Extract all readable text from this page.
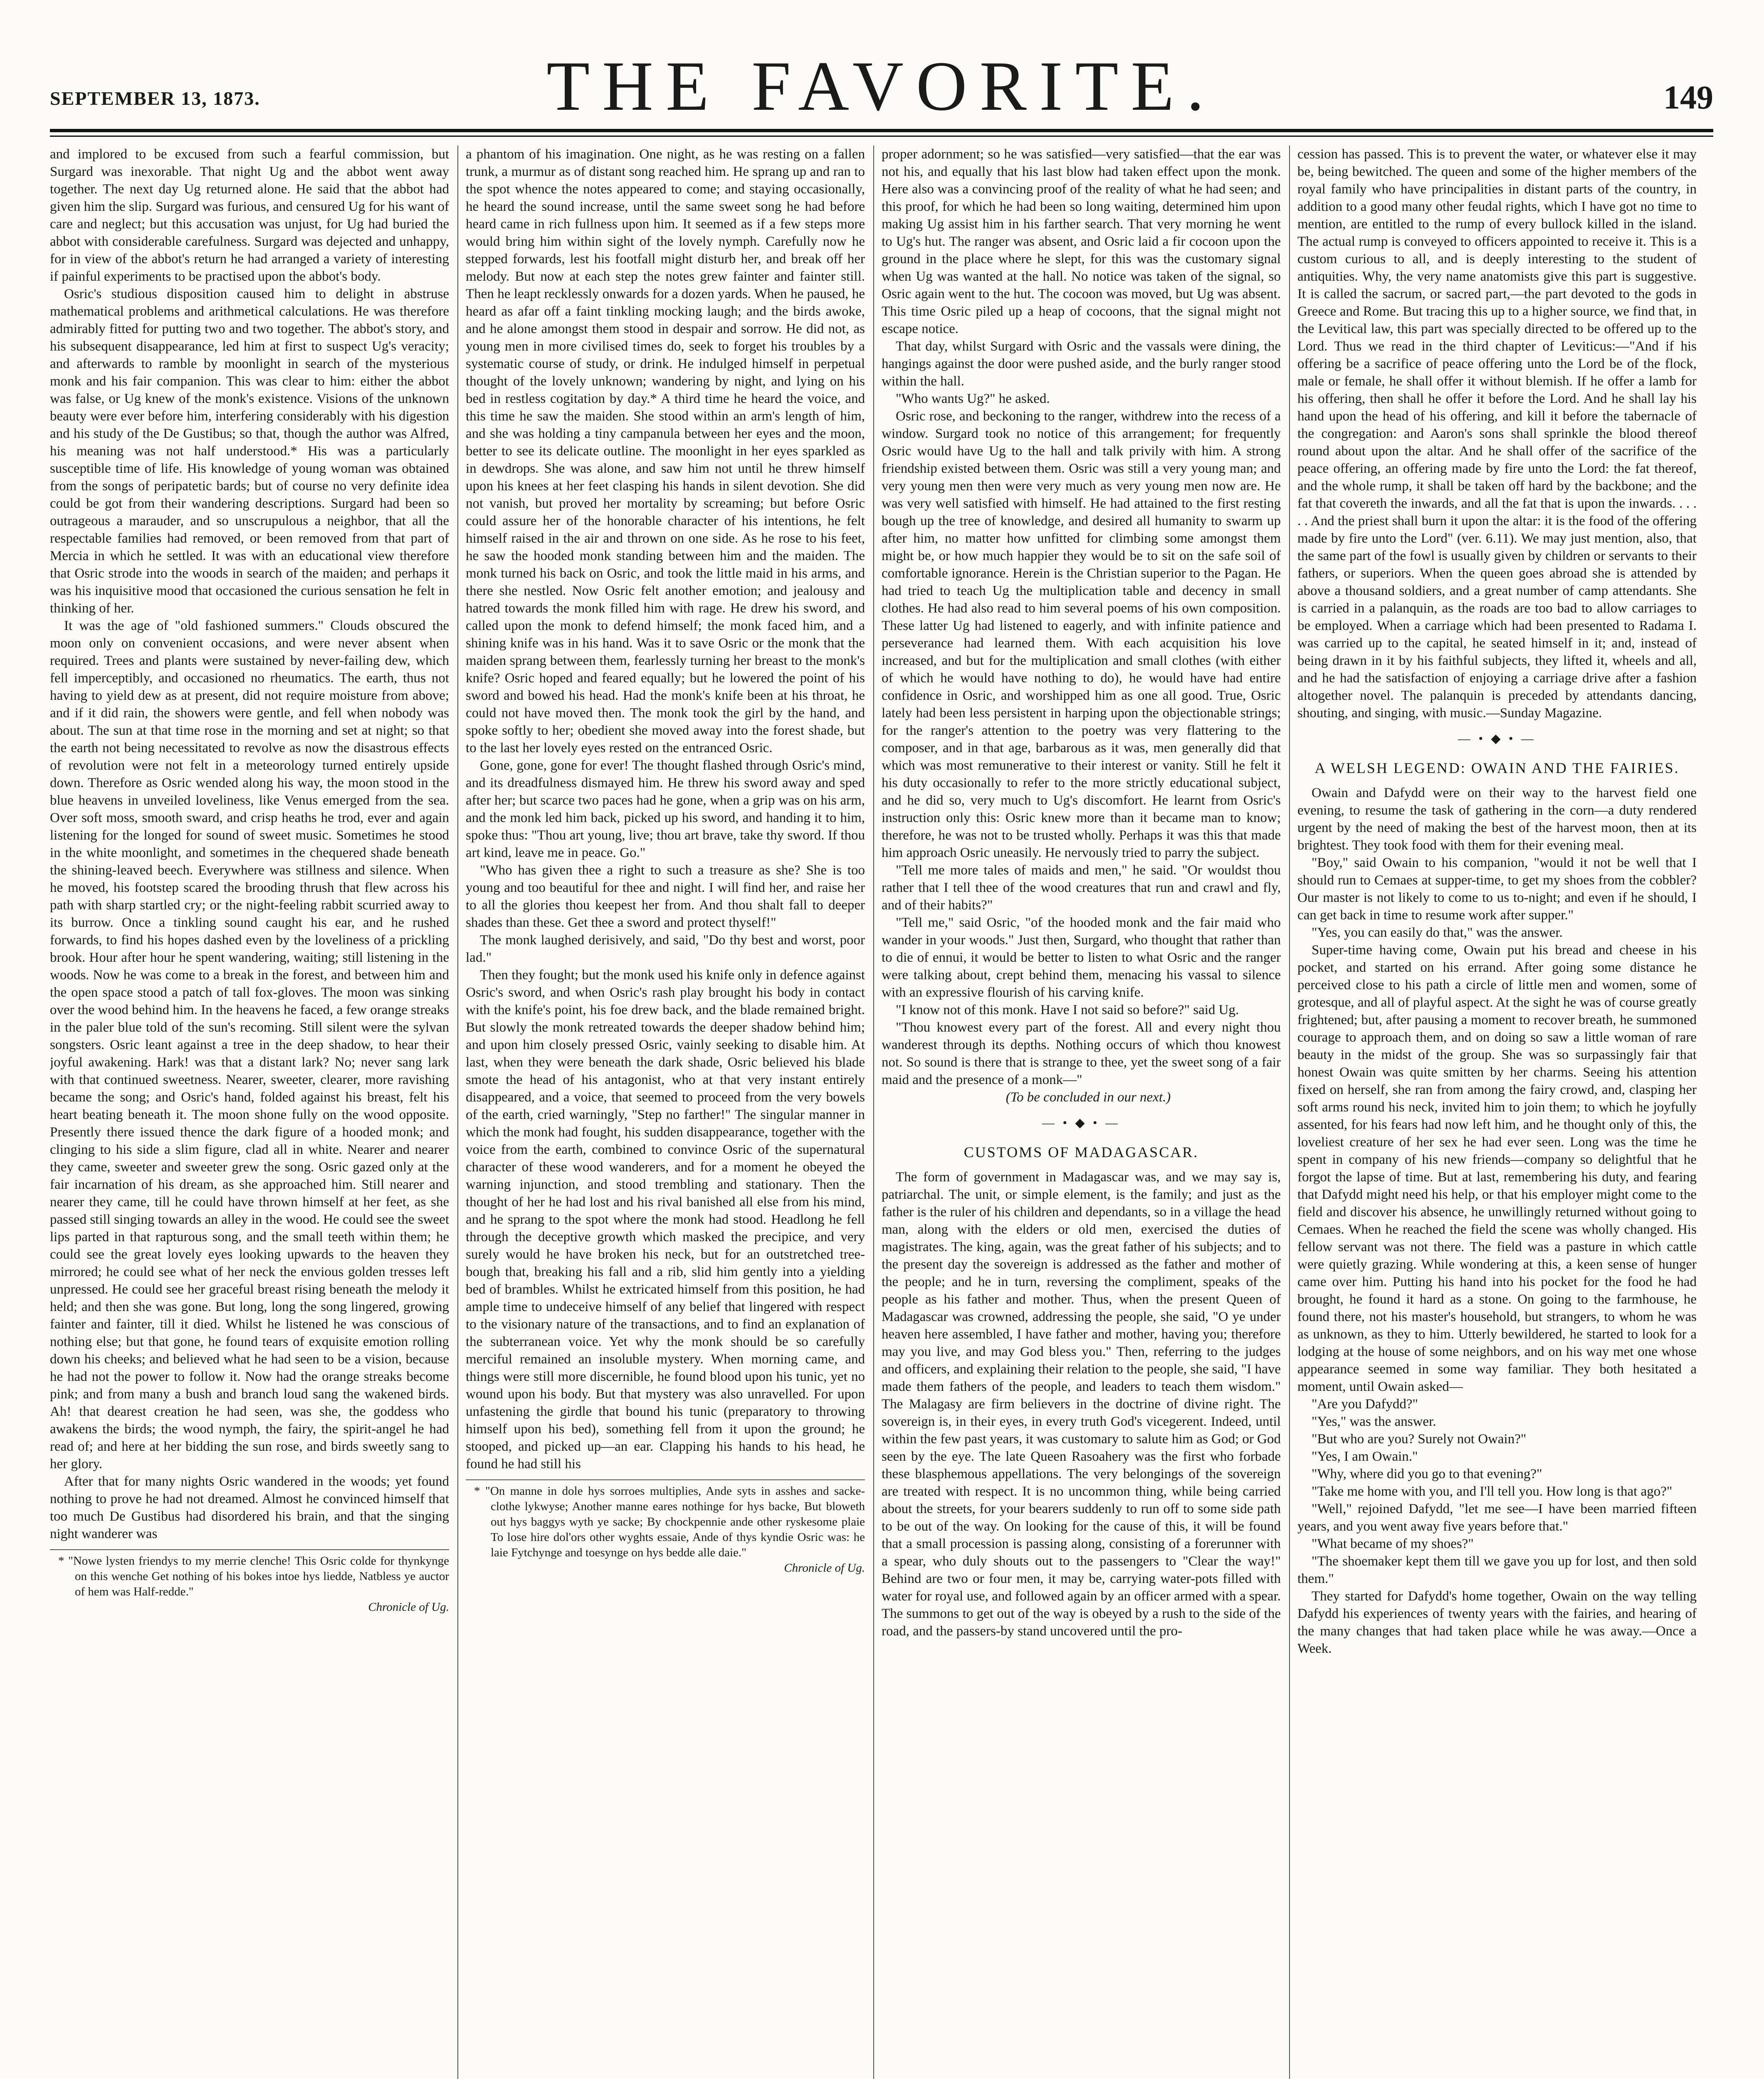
SEPTEMBER 13, 1873.	THE FAVORITE.	149

and implored to be excused from such a fearful commission, but Surgard was inexorable. That night Ug and the abbot went away together. The next day Ug returned alone. He said that the abbot had given him the slip. Surgard was furious, and censured Ug for his want of care and neglect; but this accusation was unjust, for Ug had buried the abbot with considerable carefulness. Surgard was dejected and unhappy, for in view of the abbot's return he had arranged a variety of interesting if painful experiments to be practised upon the abbot's body.

Osric's studious disposition caused him to delight in abstruse mathematical problems and arithmetical calculations. He was therefore admirably fitted for putting two and two together. The abbot's story, and his subsequent disappearance, led him at first to suspect Ug's veracity; and afterwards to ramble by moonlight in search of the mysterious monk and his fair companion. This was clear to him: either the abbot was false, or Ug knew of the monk's existence. Visions of the unknown beauty were ever before him, interfering considerably with his digestion and his study of the De Gustibus; so that, though the author was Alfred, his meaning was not half understood.* His was a particularly susceptible time of life. His knowledge of young woman was obtained from the songs of peripatetic bards; but of course no very definite idea could be got from their wandering descriptions. Surgard had been so outrageous a marauder, and so unscrupulous a neighbor, that all the respectable families had removed, or been removed from that part of Mercia in which he settled. It was with an educational view therefore that Osric strode into the woods in search of the maiden; and perhaps it was his inquisitive mood that occasioned the curious sensation he felt in thinking of her.

It was the age of "old fashioned summers." Clouds obscured the moon only on convenient occasions, and were never absent when required. Trees and plants were sustained by never-failing dew, which fell imperceptibly, and occasioned no rheumatics. The earth, thus not having to yield dew as at present, did not require moisture from above; and if it did rain, the showers were gentle, and fell when nobody was about. The sun at that time rose in the morning and set at night; so that the earth not being necessitated to revolve as now the disastrous effects of revolution were not felt in a meteorology turned entirely upside down. Therefore as Osric wended along his way, the moon stood in the blue heavens in unveiled loveliness, like Venus emerged from the sea. Over soft moss, smooth sward, and crisp heaths he trod, ever and again listening for the longed for sound of sweet music. Sometimes he stood in the white moonlight, and sometimes in the chequered shade beneath the shining-leaved beech. Everywhere was stillness and silence. When he moved, his footstep scared the brooding thrush that flew across his path with sharp startled cry; or the night-feeling rabbit scurried away to its burrow. Once a tinkling sound caught his ear, and he rushed forwards, to find his hopes dashed even by the loveliness of a prickling brook. Hour after hour he spent wandering, waiting; still listening in the woods. Now he was come to a break in the forest, and between him and the open space stood a patch of tall fox-gloves. The moon was sinking over the wood behind him. In the heavens he faced, a few orange streaks in the paler blue told of the sun's recoming. Still silent were the sylvan songsters. Osric leant against a tree in the deep shadow, to hear their joyful awakening. Hark! was that a distant lark? No; never sang lark with that continued sweetness. Nearer, sweeter, clearer, more ravishing became the song; and Osric's hand, folded against his breast, felt his heart beating beneath it. The moon shone fully on the wood opposite. Presently there issued thence the dark figure of a hooded monk; and clinging to his side a slim figure, clad all in white. Nearer and nearer they came, sweeter and sweeter grew the song. Osric gazed only at the fair incarnation of his dream, as she approached him. Still nearer and nearer they came, till he could have thrown himself at her feet, as she passed still singing towards an alley in the wood. He could see the sweet lips parted in that rapturous song, and the small teeth within them; he could see the great lovely eyes looking upwards to the heaven they mirrored; he could see what of her neck the envious golden tresses left unpressed. He could see her graceful breast rising beneath the melody it held; and then she was gone. But long, long the song lingered, growing fainter and fainter, till it died. Whilst he listened he was conscious of nothing else; but that gone, he found tears of exquisite emotion rolling down his cheeks; and believed what he had seen to be a vision, because he had not the power to follow it. Now had the orange streaks become pink; and from many a bush and branch loud sang the wakened birds. Ah! that dearest creation he had seen, was she, the goddess who awakens the birds; the wood nymph, the fairy, the spirit-angel he had read of; and here at her bidding the sun rose, and birds sweetly sang to her glory.

After that for many nights Osric wandered in the woods; yet found nothing to prove he had not dreamed. Almost he convinced himself that too much De Gustibus had disordered his brain, and that the singing night wanderer was

* "Nowe lysten friendys to my merrie clenche! This Osric colde for thynkynge on this wenche Get nothing of his bokes intoe hys liedde, Natbless ye auctor of hem was Half-redde."

Chronicle of Ug.

a phantom of his imagination. One night, as he was resting on a fallen trunk, a murmur as of distant song reached him. He sprang up and ran to the spot whence the notes appeared to come; and staying occasionally, he heard the sound increase, until the same sweet song he had before heard came in rich fullness upon him. It seemed as if a few steps more would bring him within sight of the lovely nymph. Carefully now he stepped forwards, lest his footfall might disturb her, and break off her melody. But now at each step the notes grew fainter and fainter still. Then he leapt recklessly onwards for a dozen yards. When he paused, he heard as afar off a faint tinkling mocking laugh; and the birds awoke, and he alone amongst them stood in despair and sorrow. He did not, as young men in more civilised times do, seek to forget his troubles by a systematic course of study, or drink. He indulged himself in perpetual thought of the lovely unknown; wandering by night, and lying on his bed in restless cogitation by day.* A third time he heard the voice, and this time he saw the maiden. She stood within an arm's length of him, and she was holding a tiny campanula between her eyes and the moon, better to see its delicate outline. The moonlight in her eyes sparkled as in dewdrops. She was alone, and saw him not until he threw himself upon his knees at her feet clasping his hands in silent devotion. She did not vanish, but proved her mortality by screaming; but before Osric could assure her of the honorable character of his intentions, he felt himself raised in the air and thrown on one side. As he rose to his feet, he saw the hooded monk standing between him and the maiden. The monk turned his back on Osric, and took the little maid in his arms, and there she nestled. Now Osric felt another emotion; and jealousy and hatred towards the monk filled him with rage. He drew his sword, and called upon the monk to defend himself; the monk faced him, and a shining knife was in his hand. Was it to save Osric or the monk that the maiden sprang between them, fearlessly turning her breast to the monk's knife? Osric hoped and feared equally; but he lowered the point of his sword and bowed his head. Had the monk's knife been at his throat, he could not have moved then. The monk took the girl by the hand, and spoke softly to her; obedient she moved away into the forest shade, but to the last her lovely eyes rested on the entranced Osric.

Gone, gone, gone for ever! The thought flashed through Osric's mind, and its dreadfulness dismayed him. He threw his sword away and sped after her; but scarce two paces had he gone, when a grip was on his arm, and the monk led him back, picked up his sword, and handing it to him, spoke thus: "Thou art young, live; thou art brave, take thy sword. If thou art kind, leave me in peace. Go."

"Who has given thee a right to such a treasure as she? She is too young and too beautiful for thee and night. I will find her, and raise her to all the glories thou keepest her from. And thou shalt fall to deeper shades than these. Get thee a sword and protect thyself!"

The monk laughed derisively, and said, "Do thy best and worst, poor lad."

Then they fought; but the monk used his knife only in defence against Osric's sword, and when Osric's rash play brought his body in contact with the knife's point, his foe drew back, and the blade remained bright. But slowly the monk retreated towards the deeper shadow behind him; and upon him closely pressed Osric, vainly seeking to disable him. At last, when they were beneath the dark shade, Osric believed his blade smote the head of his antagonist, who at that very instant entirely disappeared, and a voice, that seemed to proceed from the very bowels of the earth, cried warningly, "Step no farther!" The singular manner in which the monk had fought, his sudden disappearance, together with the voice from the earth, combined to convince Osric of the supernatural character of these wood wanderers, and for a moment he obeyed the warning injunction, and stood trembling and stationary. Then the thought of her he had lost and his rival banished all else from his mind, and he sprang to the spot where the monk had stood. Headlong he fell through the deceptive growth which masked the precipice, and very surely would he have broken his neck, but for an outstretched tree-bough that, breaking his fall and a rib, slid him gently into a yielding bed of brambles. Whilst he extricated himself from this position, he had ample time to undeceive himself of any belief that lingered with respect to the visionary nature of the transactions, and to find an explanation of the subterranean voice. Yet why the monk should be so carefully merciful remained an insoluble mystery. When morning came, and things were still more discernible, he found blood upon his tunic, yet no wound upon his body. But that mystery was also unravelled. For upon unfastening the girdle that bound his tunic (preparatory to throwing himself upon his bed), something fell from it upon the ground; he stooped, and picked up—an ear. Clapping his hands to his head, he found he had still his

* "On manne in dole hys sorroes multiplies, Ande syts in asshes and sacke-clothe lykwyse; Another manne eares nothinge for hys backe, But bloweth out hys baggys wyth ye sacke; By chockpennie ande other ryskesome plaie To lose hire dol'ors other wyghts essaie, Ande of thys kyndie Osric was: he laie Fytchynge and toesynge on hys bedde alle daie."

Chronicle of Ug.

proper adornment; so he was satisfied—very satisfied—that the ear was not his, and equally that his last blow had taken effect upon the monk. Here also was a convincing proof of the reality of what he had seen; and this proof, for which he had been so long waiting, determined him upon making Ug assist him in his farther search. That very morning he went to Ug's hut. The ranger was absent, and Osric laid a fir cocoon upon the ground in the place where he slept, for this was the customary signal when Ug was wanted at the hall. No notice was taken of the signal, so Osric again went to the hut. The cocoon was moved, but Ug was absent. This time Osric piled up a heap of cocoons, that the signal might not escape notice.

That day, whilst Surgard with Osric and the vassals were dining, the hangings against the door were pushed aside, and the burly ranger stood within the hall.

"Who wants Ug?" he asked.

Osric rose, and beckoning to the ranger, withdrew into the recess of a window. Surgard took no notice of this arrangement; for frequently Osric would have Ug to the hall and talk privily with him. A strong friendship existed between them. Osric was still a very young man; and very young men then were very much as very young men now are. He was very well satisfied with himself. He had attained to the first resting bough up the tree of knowledge, and desired all humanity to swarm up after him, no matter how unfitted for climbing some amongst them might be, or how much happier they would be to sit on the safe soil of comfortable ignorance. Herein is the Christian superior to the Pagan. He had tried to teach Ug the multiplication table and decency in small clothes. He had also read to him several poems of his own composition. These latter Ug had listened to eagerly, and with infinite patience and perseverance had learned them. With each acquisition his love increased, and but for the multiplication and small clothes (with either of which he would have nothing to do), he would have had entire confidence in Osric, and worshipped him as one all good. True, Osric lately had been less persistent in harping upon the objectionable strings; for the ranger's attention to the poetry was very flattering to the composer, and in that age, barbarous as it was, men generally did that which was most remunerative to their interest or vanity. Still he felt it his duty occasionally to refer to the more strictly educational subject, and he did so, very much to Ug's discomfort. He learnt from Osric's instruction only this: Osric knew more than it became man to know; therefore, he was not to be trusted wholly. Perhaps it was this that made him approach Osric uneasily. He nervously tried to parry the subject.

"Tell me more tales of maids and men," he said. "Or wouldst thou rather that I tell thee of the wood creatures that run and crawl and fly, and of their habits?"

"Tell me," said Osric, "of the hooded monk and the fair maid who wander in your woods." Just then, Surgard, who thought that rather than to die of ennui, it would be better to listen to what Osric and the ranger were talking about, crept behind them, menacing his vassal to silence with an expressive flourish of his carving knife.

"I know not of this monk. Have I not said so before?" said Ug.

"Thou knowest every part of the forest. All and every night thou wanderest through its depths. Nothing occurs of which thou knowest not. So sound is there that is strange to thee, yet the sweet song of a fair maid and the presence of a monk—"

(To be concluded in our next.)

— • ◆ • —
CUSTOMS OF MADAGASCAR.

The form of government in Madagascar was, and we may say is, patriarchal. The unit, or simple element, is the family; and just as the father is the ruler of his children and dependants, so in a village the head man, along with the elders or old men, exercised the duties of magistrates. The king, again, was the great father of his subjects; and to the present day the sovereign is addressed as the father and mother of the people; and he in turn, reversing the compliment, speaks of the people as his father and mother. Thus, when the present Queen of Madagascar was crowned, addressing the people, she said, "O ye under heaven here assembled, I have father and mother, having you; therefore may you live, and may God bless you." Then, referring to the judges and officers, and explaining their relation to the people, she said, "I have made them fathers of the people, and leaders to teach them wisdom." The Malagasy are firm believers in the doctrine of divine right. The sovereign is, in their eyes, in every truth God's vicegerent. Indeed, until within the few past years, it was customary to salute him as God; or God seen by the eye. The late Queen Rasoahery was the first who forbade these blasphemous appellations. The very belongings of the sovereign are treated with respect. It is no uncommon thing, while being carried about the streets, for your bearers suddenly to run off to some side path to be out of the way. On looking for the cause of this, it will be found that a small procession is passing along, consisting of a forerunner with a spear, who duly shouts out to the passengers to "Clear the way!" Behind are two or four men, it may be, carrying water-pots filled with water for royal use, and followed again by an officer armed with a spear. The summons to get out of the way is obeyed by a rush to the side of the road, and the passers-by stand uncovered until the pro-

cession has passed. This is to prevent the water, or whatever else it may be, being bewitched. The queen and some of the higher members of the royal family who have principalities in distant parts of the country, in addition to a good many other feudal rights, which I have got no time to mention, are entitled to the rump of every bullock killed in the island. The actual rump is conveyed to officers appointed to receive it. This is a custom curious to all, and is deeply interesting to the student of antiquities. Why, the very name anatomists give this part is suggestive. It is called the sacrum, or sacred part,—the part devoted to the gods in Greece and Rome. But tracing this up to a higher source, we find that, in the Levitical law, this part was specially directed to be offered up to the Lord. Thus we read in the third chapter of Leviticus:—"And if his offering be a sacrifice of peace offering unto the Lord be of the flock, male or female, he shall offer it without blemish. If he offer a lamb for his offering, then shall he offer it before the Lord. And he shall lay his hand upon the head of his offering, and kill it before the tabernacle of the congregation: and Aaron's sons shall sprinkle the blood thereof round about upon the altar. And he shall offer of the sacrifice of the peace offering, an offering made by fire unto the Lord: the fat thereof, and the whole rump, it shall be taken off hard by the backbone; and the fat that covereth the inwards, and all the fat that is upon the inwards. . . . . . And the priest shall burn it upon the altar: it is the food of the offering made by fire unto the Lord" (ver. 6.11). We may just mention, also, that the same part of the fowl is usually given by children or servants to their fathers, or superiors. When the queen goes abroad she is attended by above a thousand soldiers, and a great number of camp attendants. She is carried in a palanquin, as the roads are too bad to allow carriages to be employed. When a carriage which had been presented to Radama I. was carried up to the capital, he seated himself in it; and, instead of being drawn in it by his faithful subjects, they lifted it, wheels and all, and he had the satisfaction of enjoying a carriage drive after a fashion altogether novel. The palanquin is preceded by attendants dancing, shouting, and singing, with music.—Sunday Magazine.

— • ◆ • —
A WELSH LEGEND: OWAIN AND THE FAIRIES.

Owain and Dafydd were on their way to the harvest field one evening, to resume the task of gathering in the corn—a duty rendered urgent by the need of making the best of the harvest moon, then at its brightest. They took food with them for their evening meal.

"Boy," said Owain to his companion, "would it not be well that I should run to Cemaes at supper-time, to get my shoes from the cobbler? Our master is not likely to come to us to-night; and even if he should, I can get back in time to resume work after supper."

"Yes, you can easily do that," was the answer.

Super-time having come, Owain put his bread and cheese in his pocket, and started on his errand. After going some distance he perceived close to his path a circle of little men and women, some of grotesque, and all of playful aspect. At the sight he was of course greatly frightened; but, after pausing a moment to recover breath, he summoned courage to approach them, and on doing so saw a little woman of rare beauty in the midst of the group. She was so surpassingly fair that honest Owain was quite smitten by her charms. Seeing his attention fixed on herself, she ran from among the fairy crowd, and, clasping her soft arms round his neck, invited him to join them; to which he joyfully assented, for his fears had now left him, and he thought only of this, the loveliest creature of her sex he had ever seen. Long was the time he spent in company of his new friends—company so delightful that he forgot the lapse of time. But at last, remembering his duty, and fearing that Dafydd might need his help, or that his employer might come to the field and discover his absence, he unwillingly returned without going to Cemaes. When he reached the field the scene was wholly changed. His fellow servant was not there. The field was a pasture in which cattle were quietly grazing. While wondering at this, a keen sense of hunger came over him. Putting his hand into his pocket for the food he had brought, he found it hard as a stone. On going to the farmhouse, he found there, not his master's household, but strangers, to whom he was as unknown, as they to him. Utterly bewildered, he started to look for a lodging at the house of some neighbors, and on his way met one whose appearance seemed in some way familiar. They both hesitated a moment, until Owain asked—

"Are you Dafydd?"

"Yes," was the answer.

"But who are you? Surely not Owain?"

"Yes, I am Owain."

"Why, where did you go to that evening?"

"Take me home with you, and I'll tell you. How long is that ago?"

"Well," rejoined Dafydd, "let me see—I have been married fifteen years, and you went away five years before that."

"What became of my shoes?"

"The shoemaker kept them till we gave you up for lost, and then sold them."

They started for Dafydd's home together, Owain on the way telling Dafydd his experiences of twenty years with the fairies, and hearing of the many changes that had taken place while he was away.—Once a Week.
